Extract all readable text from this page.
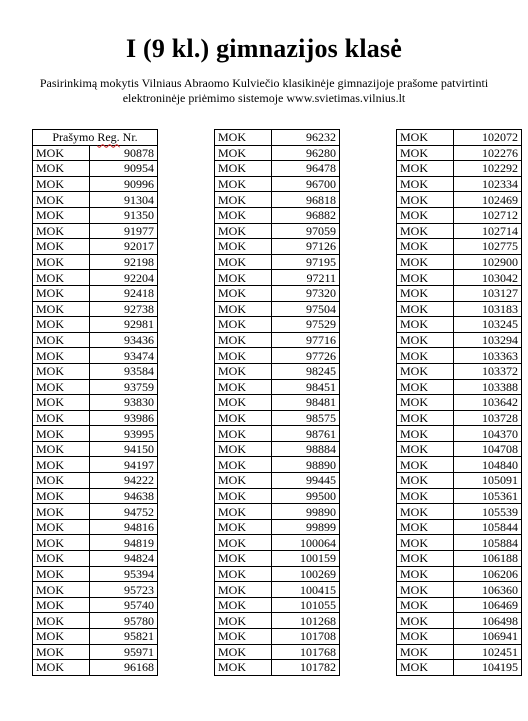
I (9 kl.) gimnazijos klasė
Pasirinkimą mokytis Vilniaus Abraomo Kulviečio klasikinėje gimnazijoje prašome patvirtinti
elektroninėje priėmimo sistemoje www.svietimas.vilnius.lt
Prašymo Reg. Nr.	
MOK	90878
MOK	90954
MOK	90996
MOK	91304
MOK	91350
MOK	91977
MOK	92017
MOK	92198
MOK	92204
MOK	92418
MOK	92738
MOK	92981
MOK	93436
MOK	93474
MOK	93584
MOK	93759
MOK	93830
MOK	93986
MOK	93995
MOK	94150
MOK	94197
MOK	94222
MOK	94638
MOK	94752
MOK	94816
MOK	94819
MOK	94824
MOK	95394
MOK	95723
MOK	95740
MOK	95780
MOK	95821
MOK	95971
MOK	96168
MOK	96232
MOK	96280
MOK	96478
MOK	96700
MOK	96818
MOK	96882
MOK	97059
MOK	97126
MOK	97195
MOK	97211
MOK	97320
MOK	97504
MOK	97529
MOK	97716
MOK	97726
MOK	98245
MOK	98451
MOK	98481
MOK	98575
MOK	98761
MOK	98884
MOK	98890
MOK	99445
MOK	99500
MOK	99890
MOK	99899
MOK	100064
MOK	100159
MOK	100269
MOK	100415
MOK	101055
MOK	101268
MOK	101708
MOK	101768
MOK	101782
MOK	102072
MOK	102276
MOK	102292
MOK	102334
MOK	102469
MOK	102712
MOK	102714
MOK	102775
MOK	102900
MOK	103042
MOK	103127
MOK	103183
MOK	103245
MOK	103294
MOK	103363
MOK	103372
MOK	103388
MOK	103642
MOK	103728
MOK	104370
MOK	104708
MOK	104840
MOK	105091
MOK	105361
MOK	105539
MOK	105844
MOK	105884
MOK	106188
MOK	106206
MOK	106360
MOK	106469
MOK	106498
MOK	106941
MOK	102451
MOK	104195
